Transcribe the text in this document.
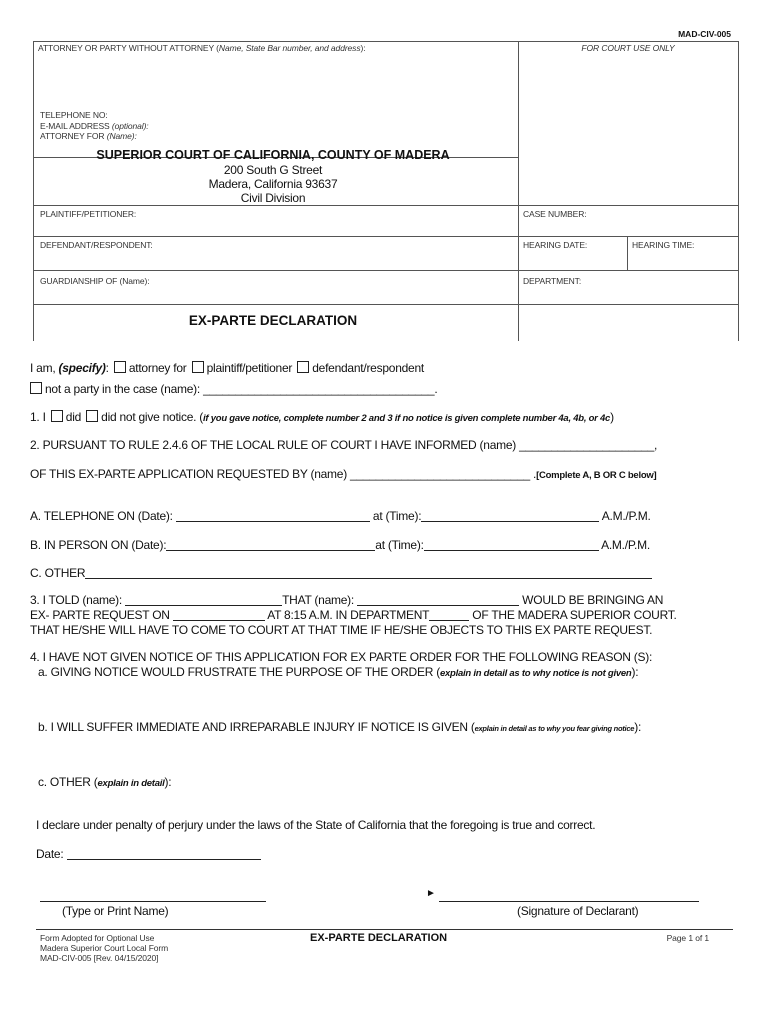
MAD-CIV-005
ATTORNEY OR PARTY WITHOUT ATTORNEY (Name, State Bar number, and address):	FOR COURT USE ONLY
TELEPHONE NO:
E-MAIL ADDRESS (optional):
ATTORNEY FOR (Name):
SUPERIOR COURT OF CALIFORNIA, COUNTY OF MADERA
200 South G Street
Madera, California 93637
Civil Division
PLAINTIFF/PETITIONER:	CASE NUMBER:
DEFENDANT/RESPONDENT:	HEARING DATE:	HEARING TIME:
GUARDIANSHIP OF (Name):	DEPARTMENT:
EX-PARTE DECLARATION
I am, (specify): attorney for plaintiff/petitioner defendant/respondent
not a party in the case (name): ____________________________________.
1. I did did not give notice. (if you gave notice, complete number 2 and 3 if no notice is given complete number 4a, 4b, or 4c)
2. PURSUANT TO RULE 2.4.6 OF THE LOCAL RULE OF COURT I HAVE INFORMED (name) _____________________,
OF THIS EX-PARTE APPLICATION REQUESTED BY (name) ____________________________ .[Complete A, B OR C below]
A. TELEPHONE ON (Date):	at (Time):	A.M./P.M.
B. IN PERSON ON (Date):	at (Time):	A.M./P.M.
C. OTHER
3. I TOLD (name):	THAT (name):	WOULD BE BRINGING AN
EX- PARTE REQUEST ON	AT 8:15 A.M. IN DEPARTMENT	OF THE MADERA SUPERIOR COURT.
THAT HE/SHE WILL HAVE TO COME TO COURT AT THAT TIME IF HE/SHE OBJECTS TO THIS EX PARTE REQUEST.
4. I HAVE NOT GIVEN NOTICE OF THIS APPLICATION FOR EX PARTE ORDER FOR THE FOLLOWING REASON (S):
a. GIVING NOTICE WOULD FRUSTRATE THE PURPOSE OF THE ORDER (explain in detail as to why notice is not given):
b. I WILL SUFFER IMMEDIATE AND IRREPARABLE INJURY IF NOTICE IS GIVEN (explain in detail as to why you fear giving notice):
c. OTHER (explain in detail):
I declare under penalty of perjury under the laws of the State of California that the foregoing is true and correct.
Date:
(Type or Print Name)
►
(Signature of Declarant)
Form Adopted for Optional Use
Madera Superior Court Local Form
MAD-CIV-005 [Rev. 04/15/2020]
EX-PARTE DECLARATION	Page 1 of 1
